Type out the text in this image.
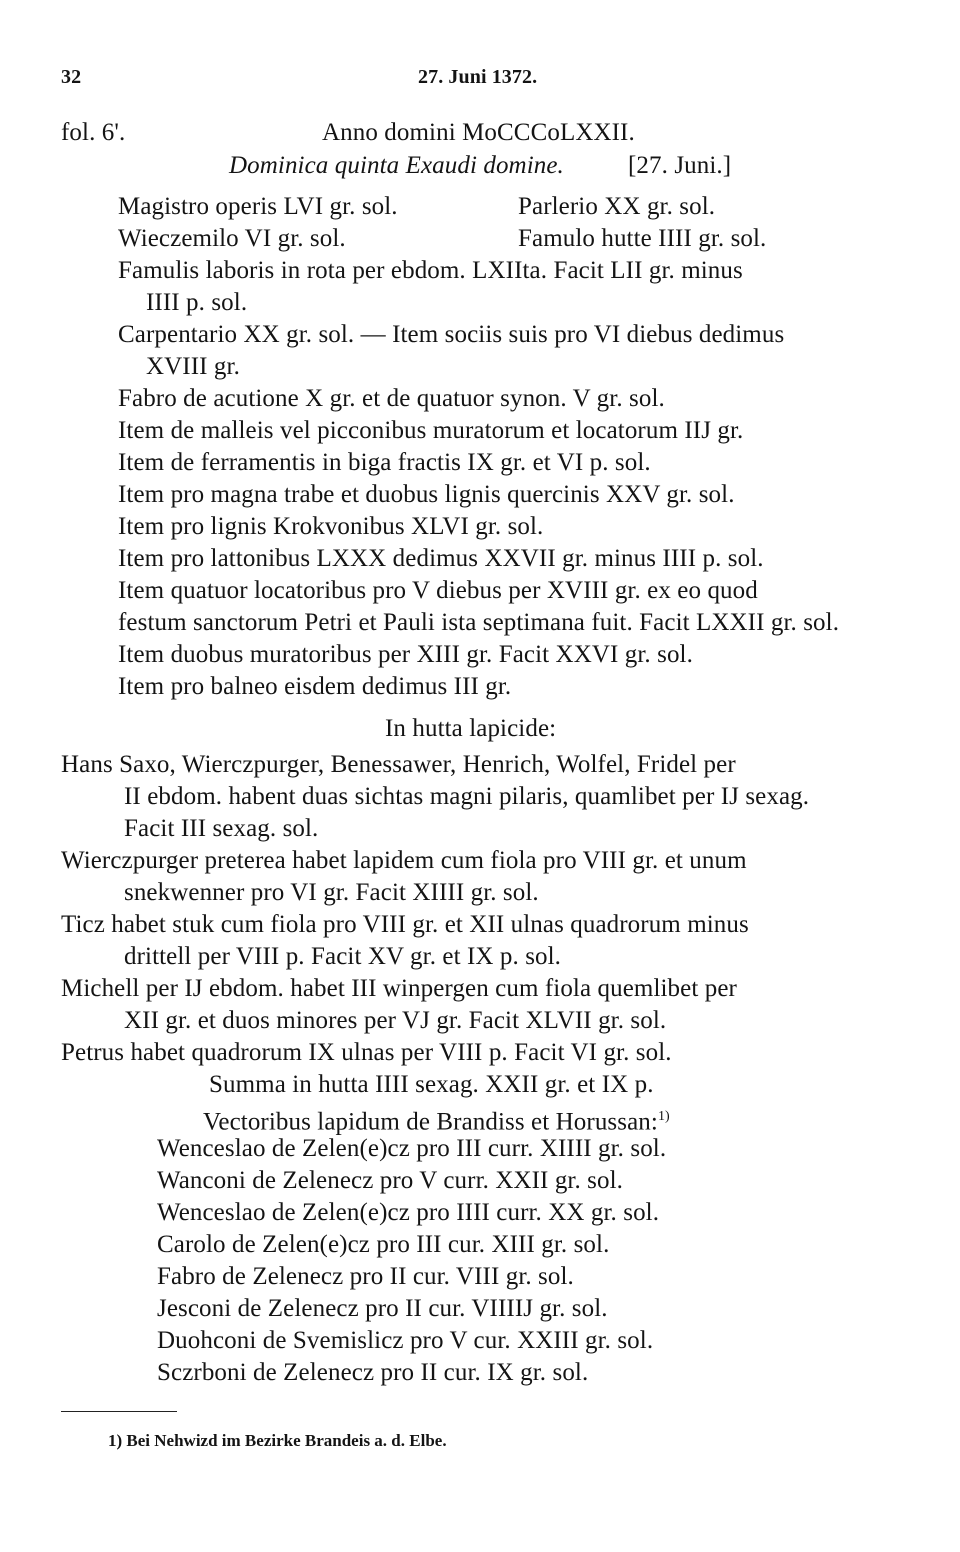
32	27. Juni 1372.
fol. 6'.	Anno domini MoCCCoLXXII.
Dominica quinta Exaudi domine.	[27. Juni.]
Magistro operis LVI gr. sol.	Parlerio XX gr. sol.
Wieczemilo VI gr. sol.	Famulo hutte IIII gr. sol.
Famulis laboris in rota per ebdom. LXIIta. Facit LII gr. minus
IIII p. sol.
Carpentario XX gr. sol. — Item sociis suis pro VI diebus dedimus
XVIII gr.
Fabro de acutione X gr. et de quatuor synon. V gr. sol.
Item de malleis vel picconibus muratorum et locatorum IIJ gr.
Item de ferramentis in biga fractis IX gr. et VI p. sol.
Item pro magna trabe et duobus lignis quercinis XXV gr. sol.
Item pro lignis Krokvonibus XLVI gr. sol.
Item pro lattonibus LXXX dedimus XXVII gr. minus IIII p. sol.
Item quatuor locatoribus pro V diebus per XVIII gr. ex eo quod
festum sanctorum Petri et Pauli ista septimana fuit. Facit LXXII gr. sol.
Item duobus muratoribus per XIII gr. Facit XXVI gr. sol.
Item pro balneo eisdem dedimus III gr.
In hutta lapicide:
Hans Saxo, Wierczpurger, Benessawer, Henrich, Wolfel, Fridel per
II ebdom. habent duas sichtas magni pilaris, quamlibet per IJ sexag.
Facit III sexag. sol.
Wierczpurger preterea habet lapidem cum fiola pro VIII gr. et unum
snekwenner pro VI gr. Facit XIIII gr. sol.
Ticz habet stuk cum fiola pro VIII gr. et XII ulnas quadrorum minus
drittell per VIII p. Facit XV gr. et IX p. sol.
Michell per IJ ebdom. habet III winpergen cum fiola quemlibet per
XII gr. et duos minores per VJ gr. Facit XLVII gr. sol.
Petrus habet quadrorum IX ulnas per VIII p. Facit VI gr. sol.
Summa in hutta IIII sexag. XXII gr. et IX p.
Vectoribus lapidum de Brandiss et Horussan:$^{1)}$
Wenceslao de Zelen(e)cz pro III curr. XIIII gr. sol.
Wanconi de Zelenecz pro V curr. XXII gr. sol.
Wenceslao de Zelen(e)cz pro IIII curr. XX gr. sol.
Carolo de Zelen(e)cz pro III cur. XIII gr. sol.
Fabro de Zelenecz pro II cur. VIII gr. sol.
Jesconi de Zelenecz pro II cur. VIIIIJ gr. sol.
Duohconi de Svemislicz pro V cur. XXIII gr. sol.
Sczrboni de Zelenecz pro II cur. IX gr. sol.
1) Bei Nehwizd im Bezirke Brandeis a. d. Elbe.
